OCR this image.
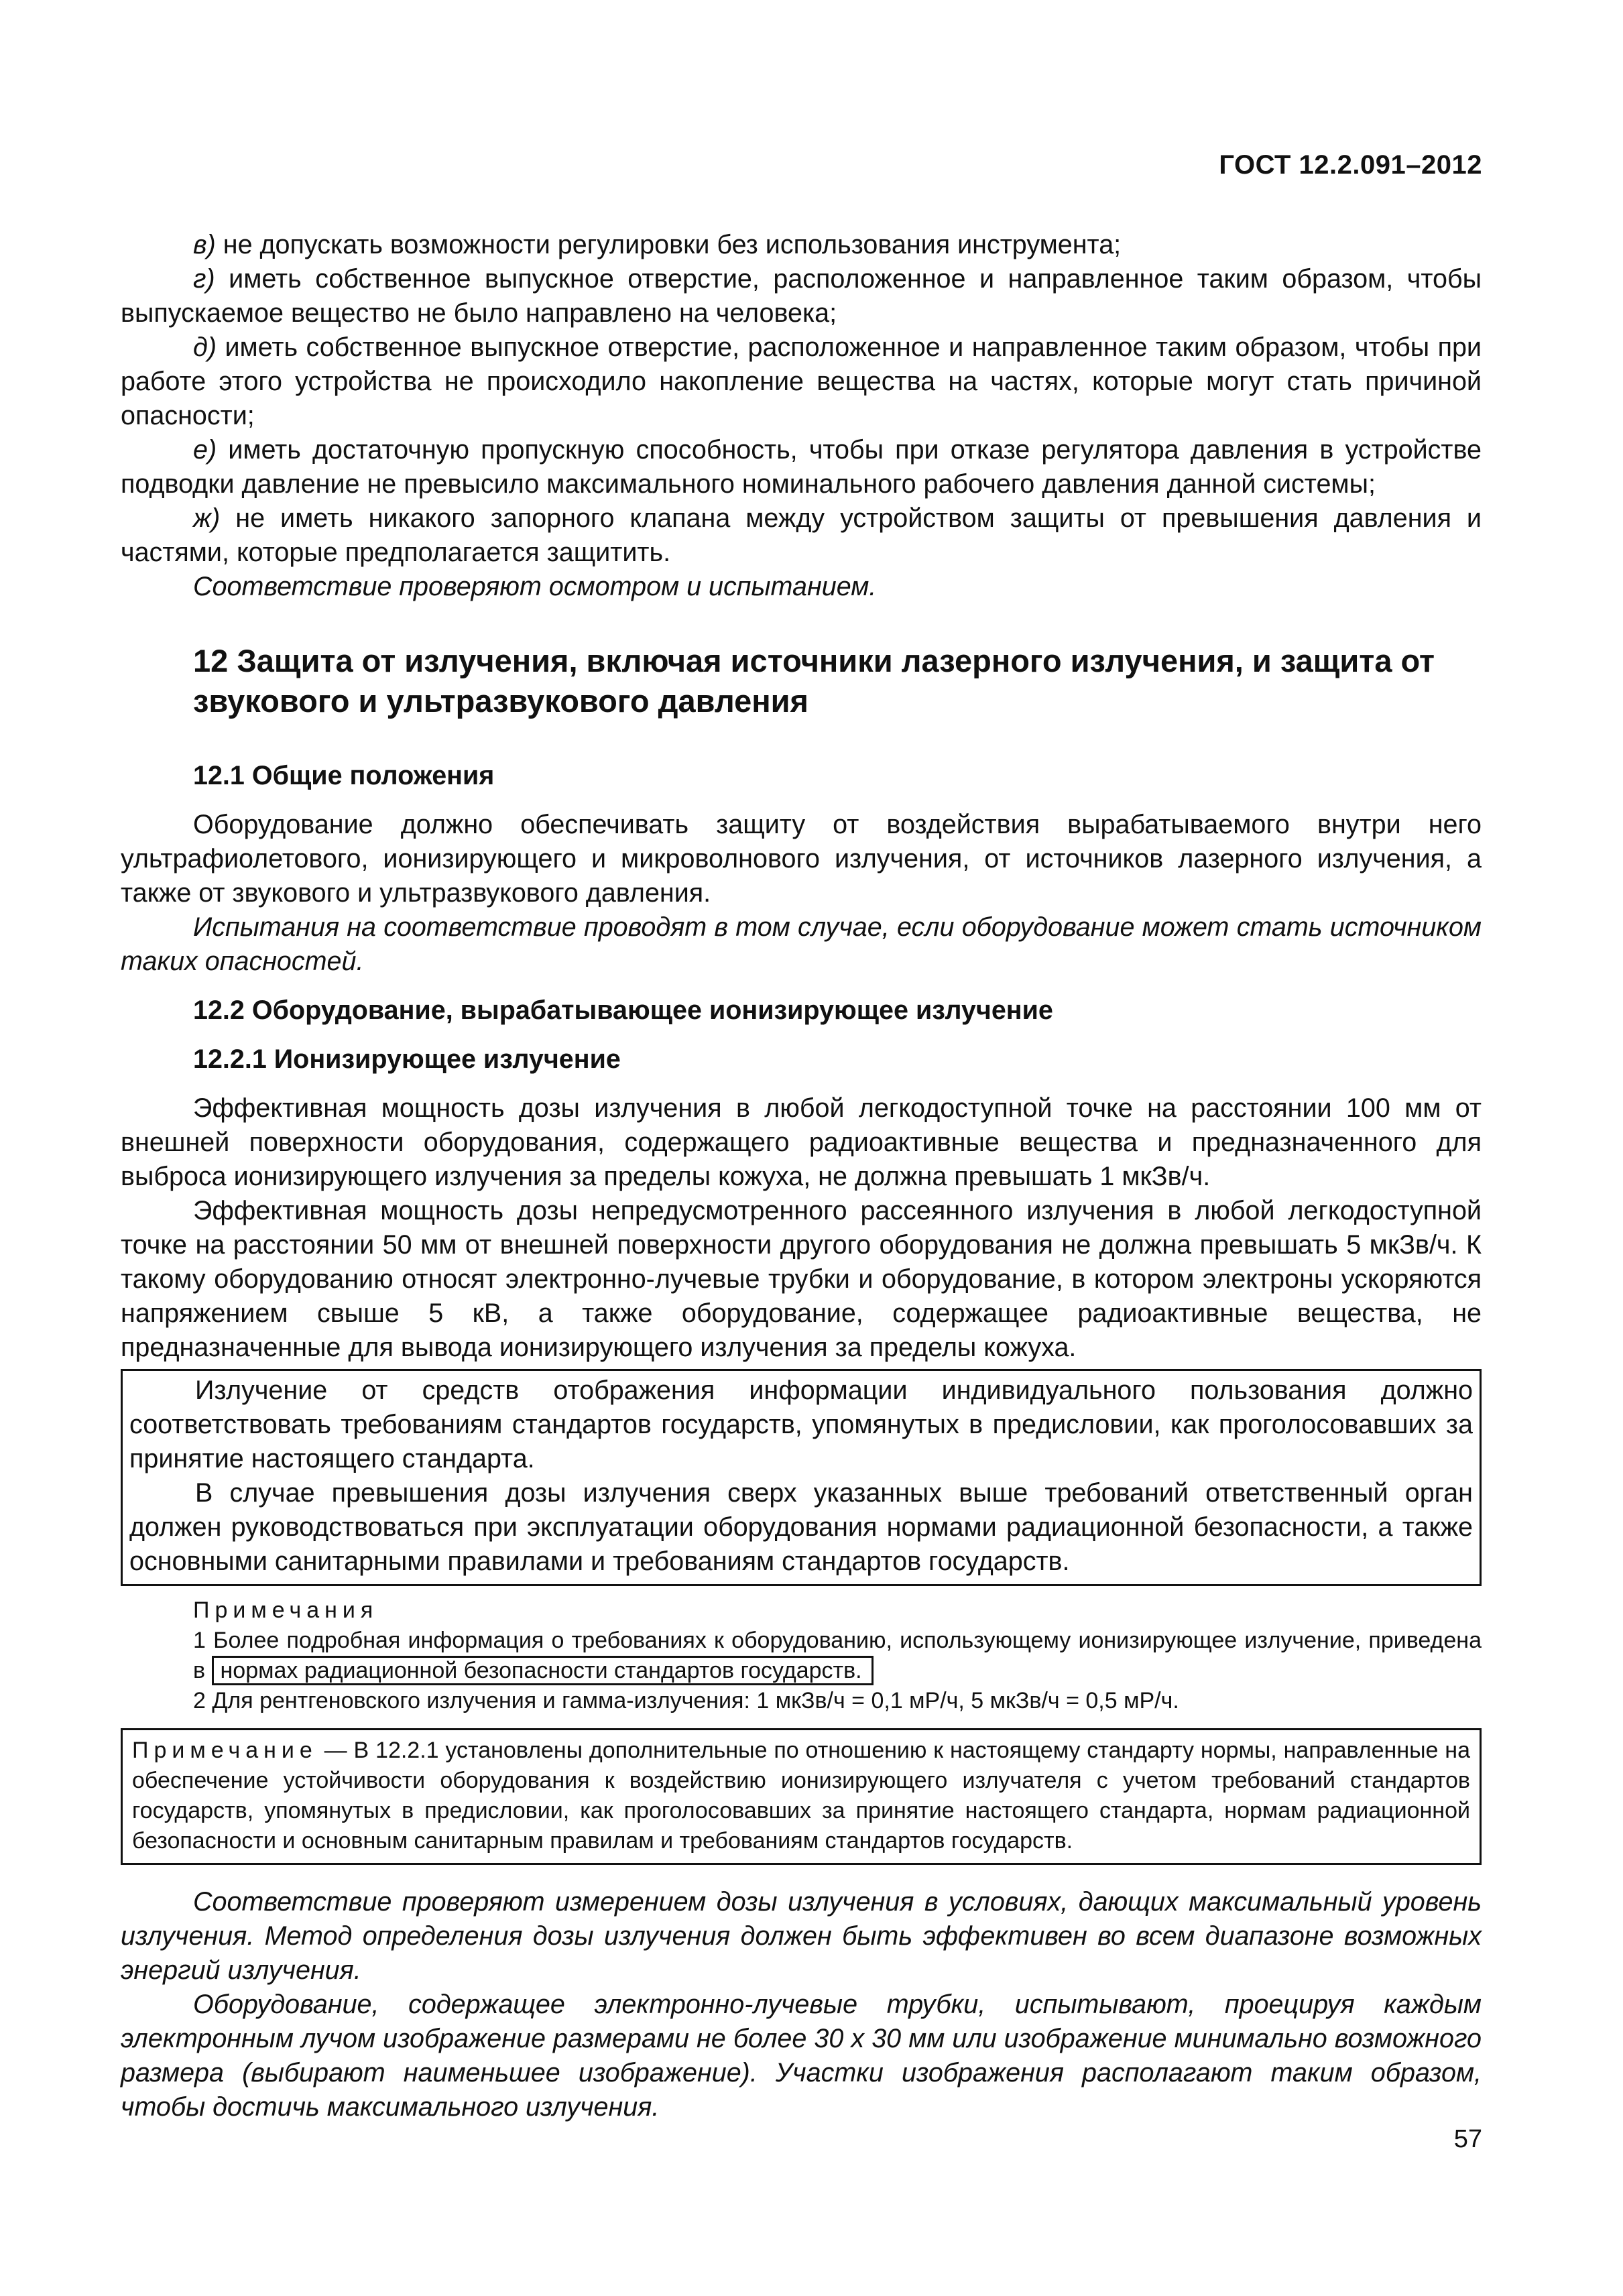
ГОСТ 12.2.091–2012

в) не допускать возможности регулировки без использования инструмента;

г) иметь собственное выпускное отверстие, расположенное и направленное таким образом, чтобы выпускаемое вещество не было направлено на человека;

д) иметь собственное выпускное отверстие, расположенное и направленное таким образом, чтобы при работе этого устройства не происходило накопление вещества на частях, которые могут стать причиной опасности;

е) иметь достаточную пропускную способность, чтобы при отказе регулятора давления в устройстве подводки давление не превысило максимального номинального рабочего давления данной системы;

ж) не иметь никакого запорного клапана между устройством защиты от превышения давления и частями, которые предполагается защитить.

Соответствие проверяют осмотром и испытанием.

12 Защита от излучения, включая источники лазерного излучения, и защита от звукового и ультразвукового давления
12.1 Общие положения

Оборудование должно обеспечивать защиту от воздействия вырабатываемого внутри него ультрафиолетового, ионизирующего и микроволнового излучения, от источников лазерного излучения, а также от звукового и ультразвукового давления.

Испытания на соответствие проводят в том случае, если оборудование может стать источником таких опасностей.

12.2 Оборудование, вырабатывающее ионизирующее излучение
12.2.1 Ионизирующее излучение

Эффективная мощность дозы излучения в любой легкодоступной точке на расстоянии 100 мм от внешней поверхности оборудования, содержащего радиоактивные вещества и предназначенного для выброса ионизирующего излучения за пределы кожуха, не должна превышать 1 мкЗв/ч.

Эффективная мощность дозы непредусмотренного рассеянного излучения в любой легкодоступной точке на расстоянии 50 мм от внешней поверхности другого оборудования не должна превышать 5 мкЗв/ч. К такому оборудованию относят электронно-лучевые трубки и оборудование, в котором электроны ускоряются напряжением свыше 5 кВ, а также оборудование, содержащее радиоактивные вещества, не предназначенные для вывода ионизирующего излучения за пределы кожуха.

Излучение от средств отображения информации индивидуального пользования должно соответствовать требованиям стандартов государств, упомянутых в предисловии, как проголосовавших за принятие настоящего стандарта.

В случае превышения дозы излучения сверх указанных выше требований ответственный орган должен руководствоваться при эксплуатации оборудования нормами радиационной безопасности, а также основными санитарными правилами и требованиям стандартов государств.

Примечания

1 Более подробная информация о требованиях к оборудованию, использующему ионизирующее излучение, приведена в нормах радиационной безопасности стандартов государств.

2 Для рентгеновского излучения и гамма-излучения: 1 мкЗв/ч = 0,1 мР/ч, 5 мкЗв/ч = 0,5 мР/ч.

Примечание — В 12.2.1 установлены дополнительные по отношению к настоящему стандарту нормы, направленные на обеспечение устойчивости оборудования к воздействию ионизирующего излучателя с учетом требований стандартов государств, упомянутых в предисловии, как проголосовавших за принятие настоящего стандарта, нормам радиационной безопасности и основным санитарным правилам и требованиям стандартов государств.

Соответствие проверяют измерением дозы излучения в условиях, дающих максимальный уровень излучения. Метод определения дозы излучения должен быть эффективен во всем диапазоне возможных энергий излучения.

Оборудование, содержащее электронно-лучевые трубки, испытывают, проецируя каждым электронным лучом изображение размерами не более 30 х 30 мм или изображение минимально возможного размера (выбирают наименьшее изображение). Участки изображения располагают таким образом, чтобы достичь максимального излучения.

57
